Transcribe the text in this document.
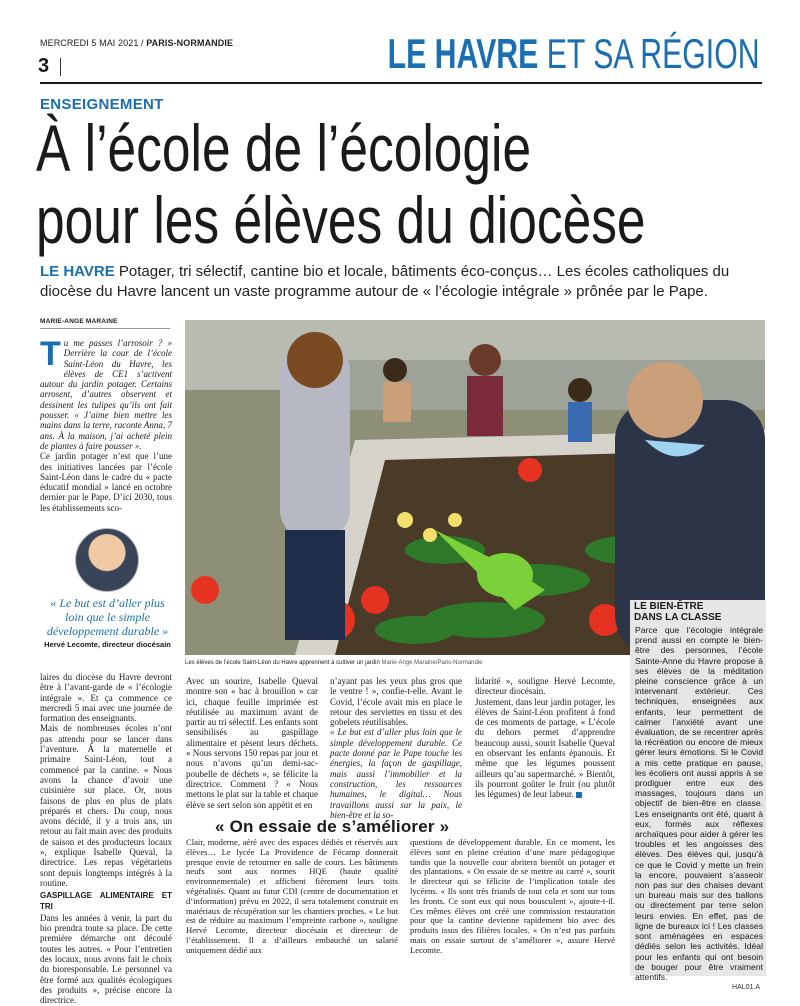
MERCREDI 5 MAI 2021 / PARIS-NORMANDIE
3	LE HAVRE ET SA RÉGION
ENSEIGNEMENT
À l’école de l’écologie
pour les élèves du diocèse
LE HAVRE Potager, tri sélectif, cantine bio et locale, bâtiments éco-conçus… Les écoles catholiques du diocèse du Havre lancent un vaste programme autour de « l’écologie intégrale » prônée par le Pape.
MARIE-ANGE MARAINE

Tu me passes l’arrosoir ? » Derrière la cour de l’école Saint-Léon du Havre, les élèves de CE1 s’activent autour du jardin potager. Certains arrosent, d’autres observent et dessinent les tulipes qu’ils ont fait pousser. « J’aime bien mettre les mains dans la terre, raconte Anna, 7 ans. À la maison, j’ai acheté plein de plantes à faire pousser ».

Ce jardin potager n’est que l’une des initiatives lancées par l’école Saint-Léon dans le cadre du « pacte éducatif mondial » lancé en octobre dernier par le Pape. D’ici 2030, tous les établissements sco-

« Le but est d’aller plus loin que le simple développement durable »
Hervé Lecomte, directeur diocésain
Les élèves de l’école Saint-Léon du Havre apprennent à cultiver un jardin Marie-Ange Maraine/Paris-Normandie

laires du diocèse du Havre devront être à l’avant-garde de « l’écologie intégrale ». Et ça commence ce mercredi 5 mai avec une journée de formation des enseignants.

Mais de nombreuses écoles n’ont pas attendu pour se lancer dans l’aventure. À la maternelle et primaire Saint-Léon, tout a commencé par la cantine. « Nous avons la chance d’avoir une cuisinière sur place. Or, nous faisons de plus en plus de plats préparés et chers. Du coup, nous avons décidé, il y a trois ans, un retour au fait main avec des produits de saison et des producteurs locaux », explique Isabelle Queval, la directrice. Les repas végétariens sont depuis longtemps intégrés à la routine.

GASPILLAGE ALIMENTAIRE ET TRI

Dans les années à venir, la part du bio prendra toute sa place. De cette première démarche ont découlé toutes les autres. « Pour l’entretien des locaux, nous avons fait le choix du bioresponsable. Le personnel va être formé aux qualités écologiques des produits », précise encore la directrice.

Avec un sourire, Isabelle Queval montre son « bac à brouillon » car ici, chaque feuille imprimée est réutilisée au maximum avant de partir au tri sélectif. Les enfants sont sensibilisés au gaspillage alimentaire et pèsent leurs déchets. « Nous servons 150 repas par jour et nous n’avons qu’un demi-sac-poubelle de déchets », se félicite la directrice. Comment ? « Nous mettons le plat sur la table et chaque élève se sert selon son appétit et en

n’ayant pas les yeux plus gros que le ventre ! », confie-t-elle. Avant le Covid, l’école avait mis en place le retour des serviettes en tissu et des gobelets réutilisables.

« Le but est d’aller plus loin que le simple développement durable. Ce pacte donné par le Pape touche les énergies, la façon de gaspillage, mais aussi l’immobilier et la construction, les ressources humaines, le digital… Nous travaillons aussi sur la paix, le bien-être et la so-

lidarité », souligne Hervé Lecomte, directeur diocésain.

Justement, dans leur jardin potager, les élèves de Saint-Léon profitent à fond de ces moments de partage. « L’école du dehors permet d’apprendre beaucoup aussi, sourit Isabelle Queval en observant les enfants épanouis. Et même que les légumes poussent ailleurs qu’au supermarché. » Bientôt, ils pourront goûter le fruit (ou plutôt les légumes) de leur labeur.

« On essaie de s’améliorer »

Clair, moderne, aéré avec des espaces dédiés et réservés aux élèves… Le lycée La Providence de Fécamp donnerait presque envie de retourner en salle de cours. Les bâtiments neufs sont aux normes HQE (haute qualité environnementale) et affichent fièrement leurs toits végétalisés. Quant au futur CDI (centre de documentation et d’information) prévu en 2022, il sera totalement construit en matériaux de récupération sur les chantiers proches. « Le but est de réduire au maximum l’empreinte carbone », souligne Hervé Lecomte, directeur diocésain et directeur de l’établissement. Il a d’ailleurs embauché un salarié uniquement dédié aux

questions de développement durable. En ce moment, les élèves sont en pleine création d’une mare pédagogique tandis que la nouvelle cour abritera bientôt un potager et des plantations. « On essaie de se mettre au carré », sourit le directeur qui se félicite de l’implication totale des lycéens. « Ils sont très friands de tout cela et sont sur tous les fronts. Ce sont eux qui nous bousculent », ajoute-t-il. Ces mêmes élèves ont créé une commission restauration pour que la cantine devienne rapidement bio avec des produits issus des filières locales. « On n’est pas parfaits mais on essaie surtout de s’améliorer », assure Hervé Lecomte.

LE BIEN-ÊTRE
DANS LA CLASSE
Parce que l’écologie intégrale prend aussi en compte le bien-être des personnes, l’école Sainte-Anne du Havre propose à ses élèves de la méditation pleine conscience grâce à un intervenant extérieur. Ces techniques, enseignées aux enfants, leur permettent de calmer l’anxiété avant une évaluation, de se recentrer après la récréation ou encore de mieux gérer leurs émotions. Si le Covid a mis cette pratique en pause, les écoliers ont aussi appris à se prodiguer entre eux des massages, toujours dans un objectif de bien-être en classe. Les enseignants ont été, quant à eux, formés aux réflexes archaïques pour aider à gérer les troubles et les angoisses des élèves. Des élèves qui, jusqu’à ce que le Covid y mette un frein la encore, pouvaient s’asseoir non pas sur des chaises devant un bureau mais sur des ballons ou directement par terre selon leurs envies. En effet, pas de ligne de bureaux ici ! Les classes sont aménagées en espaces dédiés selon les activités. Idéal pour les enfants qui ont besoin de bouger pour être vraiment attentifs.
HAL01.A
